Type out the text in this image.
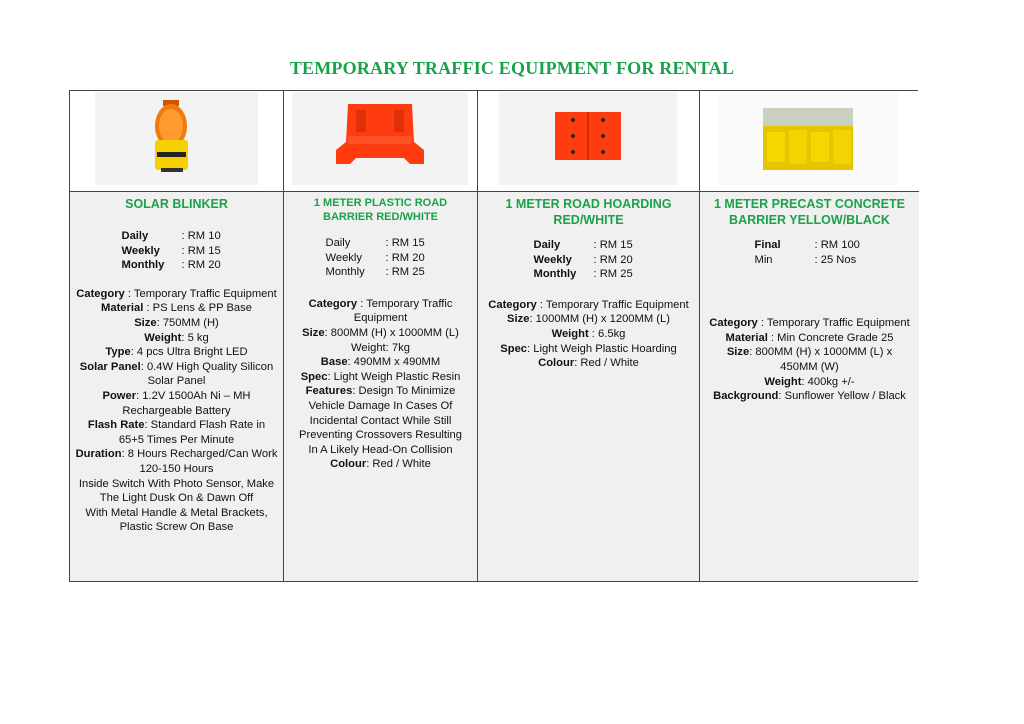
TEMPORARY TRAFFIC EQUIPMENT FOR RENTAL
SOLAR BLINKER
Daily	: RM 10
Weekly	: RM 15
Monthly	: RM 20
Category : Temporary Traffic Equipment
Material : PS Lens & PP Base
Size: 750MM (H)
Weight: 5 kg
Type: 4 pcs Ultra Bright LED
Solar Panel: 0.4W High Quality Silicon Solar Panel
Power: 1.2V 1500Ah Ni – MH Rechargeable Battery
Flash Rate: Standard Flash Rate in 65+5 Times Per Minute
Duration: 8 Hours Recharged/Can Work 120-150 Hours
Inside Switch With Photo Sensor, Make The Light Dusk On & Dawn Off
With Metal Handle & Metal Brackets, Plastic Screw On Base
1 METER PLASTIC ROAD BARRIER RED/WHITE
Daily	: RM 15
Weekly	: RM 20
Monthly	: RM 25
Category : Temporary Traffic Equipment
Size: 800MM (H) x 1000MM (L)
Weight: 7kg
Base: 490MM x 490MM
Spec: Light Weigh Plastic Resin
Features: Design To Minimize Vehicle Damage In Cases Of Incidental Contact While Still Preventing Crossovers Resulting In A Likely Head-On Collision
Colour: Red / White
1 METER ROAD HOARDING RED/WHITE
Daily	: RM 15
Weekly	: RM 20
Monthly	: RM 25
Category : Temporary Traffic Equipment
Size: 1000MM (H) x 1200MM (L)
Weight : 6.5kg
Spec: Light Weigh Plastic Hoarding
Colour: Red / White
1 METER PRECAST CONCRETE BARRIER YELLOW/BLACK
Final	: RM 100
Min	: 25 Nos
Category : Temporary Traffic Equipment
Material : Min Concrete Grade 25
Size: 800MM (H) x 1000MM (L) x 450MM (W)
Weight: 400kg +/-
Background: Sunflower Yellow / Black
